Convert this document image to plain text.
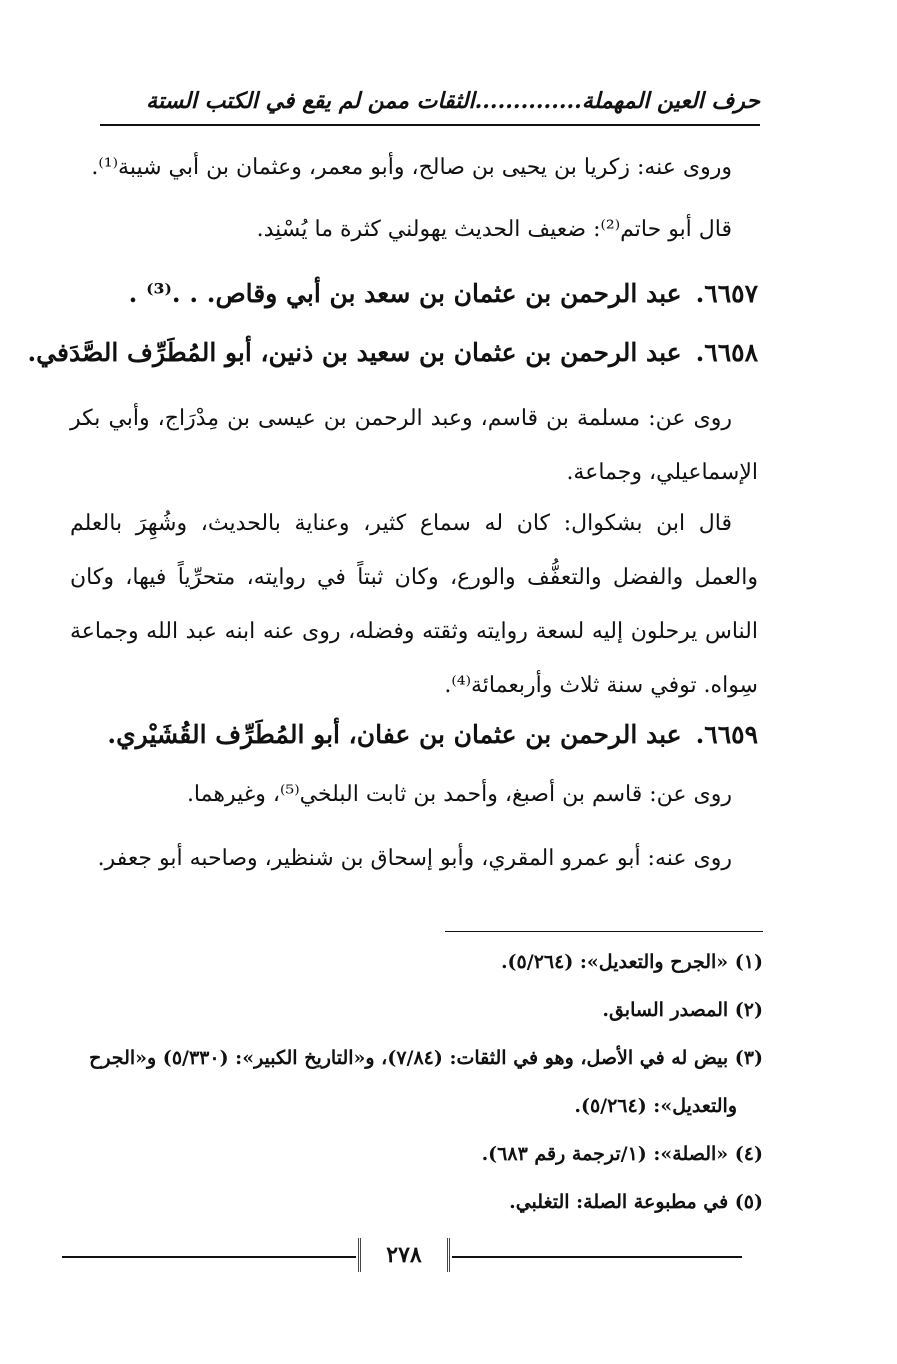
حرف العين المهملة..............الثقات ممن لم يقع في الكتب الستة
وروى عنه: زكريا بن يحيى بن صالح، وأبو معمر، وعثمان بن أبي شيبة⁽¹⁾.
قال أبو حاتم⁽²⁾: ضعيف الحديث يهولني كثرة ما يُسْنِد.
٦٦٥٧.عبد الرحمن بن عثمان بن سعد بن أبي وقاص. . .⁽³⁾ .
٦٦٥٨.عبد الرحمن بن عثمان بن سعيد بن ذنين، أبو المُطَرِّف الصَّدَفي.
روى عن: مسلمة بن قاسم، وعبد الرحمن بن عيسى بن مِدْرَاج، وأبي بكر الإسماعيلي، وجماعة.
قال ابن بشكوال: كان له سماع كثير، وعناية بالحديث، وشُهِرَ بالعلم والعمل والفضل والتعفُّف والورع، وكان ثبتاً في روايته، متحرِّياً فيها، وكان الناس يرحلون إليه لسعة روايته وثقته وفضله، روى عنه ابنه عبد الله وجماعة سِواه. توفي سنة ثلاث وأربعمائة⁽⁴⁾.
٦٦٥٩.عبد الرحمن بن عثمان بن عفان، أبو المُطَرِّف القُشَيْري.
روى عن: قاسم بن أصبغ، وأحمد بن ثابت البلخي⁽⁵⁾، وغيرهما.
روى عنه: أبو عمرو المقري، وأبو إسحاق بن شنظير، وصاحبه أبو جعفر.

(١) «الجرح والتعديل»: (٥/٢٦٤).

(٢) المصدر السابق.

(٣) بيض له في الأصل، وهو في الثقات: (٧/٨٤)، و«التاريخ الكبير»: (٥/٣٣٠) و«الجرح
والتعديل»: (٥/٢٦٤).

(٤) «الصلة»: (١/ترجمة رقم ٦٨٣).

(٥) في مطبوعة الصلة: التغلبي.

٢٧٨
